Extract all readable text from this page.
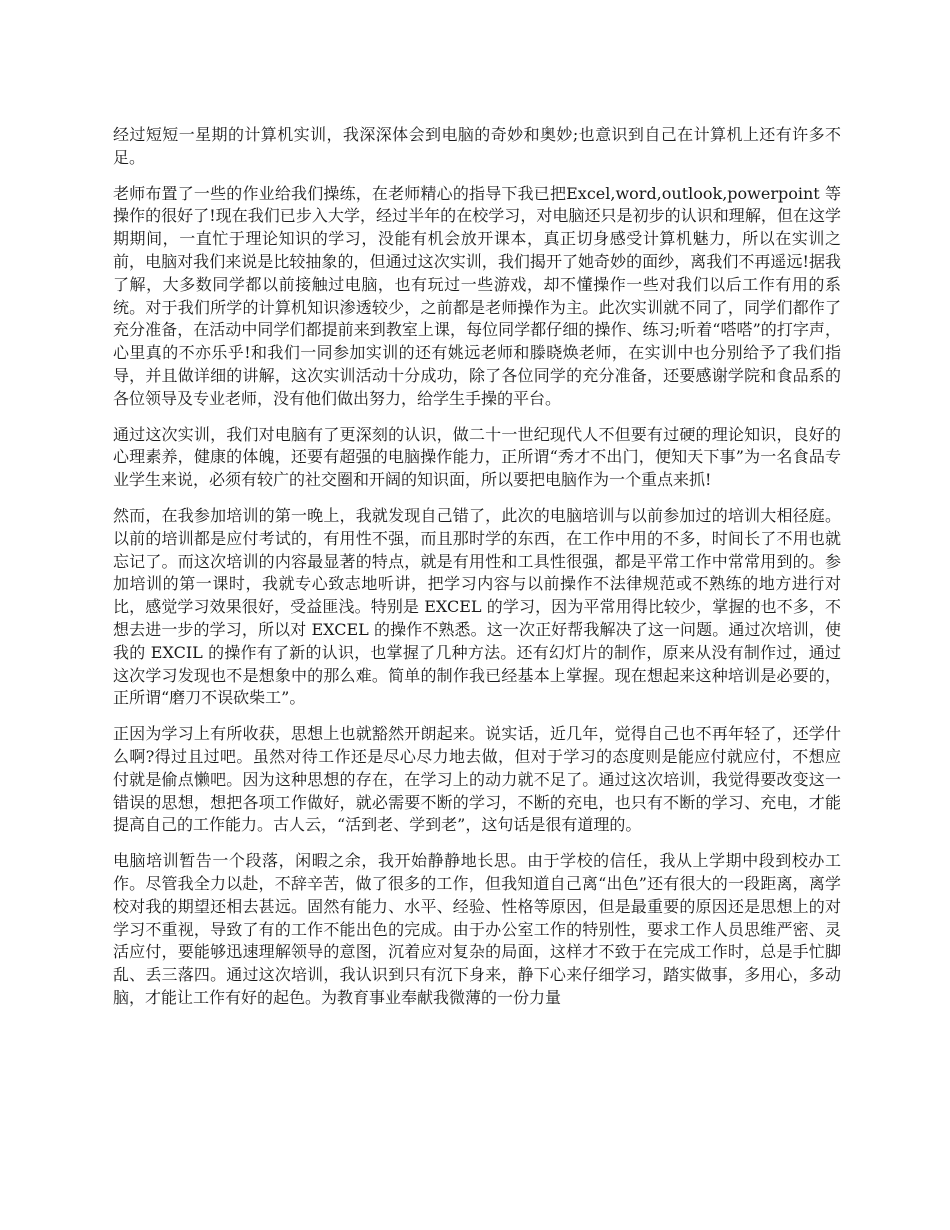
经过短短一星期的计算机实训，我深深体会到电脑的奇妙和奥妙;也意识到自己在计算机上还有许多不足。

老师布置了一些的作业给我们操练，在老师精心的指导下我已把Excel,word,outlook,powerpoint 等操作的很好了!现在我们已步入大学，经过半年的在校学习，对电脑还只是初步的认识和理解，但在这学期期间，一直忙于理论知识的学习，没能有机会放开课本，真正切身感受计算机魅力，所以在实训之前，电脑对我们来说是比较抽象的，但通过这次实训，我们揭开了她奇妙的面纱，离我们不再遥远!据我了解，大多数同学都以前接触过电脑，也有玩过一些游戏，却不懂操作一些对我们以后工作有用的系统。对于我们所学的计算机知识渗透较少，之前都是老师操作为主。此次实训就不同了，同学们都作了充分准备，在活动中同学们都提前来到教室上课，每位同学都仔细的操作、练习;听着“嗒嗒”的打字声，心里真的不亦乐乎!和我们一同参加实训的还有姚远老师和滕晓焕老师，在实训中也分别给予了我们指导，并且做详细的讲解，这次实训活动十分成功，除了各位同学的充分准备，还要感谢学院和食品系的各位领导及专业老师，没有他们做出努力，给学生手操的平台。

通过这次实训，我们对电脑有了更深刻的认识，做二十一世纪现代人不但要有过硬的理论知识，良好的心理素养，健康的体魄，还要有超强的电脑操作能力，正所谓“秀才不出门，便知天下事”为一名食品专业学生来说，必须有较广的社交圈和开阔的知识面，所以要把电脑作为一个重点来抓!

然而，在我参加培训的第一晚上，我就发现自己错了，此次的电脑培训与以前参加过的培训大相径庭。以前的培训都是应付考试的，有用性不强，而且那时学的东西，在工作中用的不多，时间长了不用也就忘记了。而这次培训的内容最显著的特点，就是有用性和工具性很强，都是平常工作中常常用到的。参加培训的第一课时，我就专心致志地听讲，把学习内容与以前操作不法律规范或不熟练的地方进行对比，感觉学习效果很好，受益匪浅。特别是 EXCEL 的学习，因为平常用得比较少，掌握的也不多，不想去进一步的学习，所以对 EXCEL 的操作不熟悉。这一次正好帮我解决了这一问题。通过次培训，使我的 EXCIL 的操作有了新的认识，也掌握了几种方法。还有幻灯片的制作，原来从没有制作过，通过这次学习发现也不是想象中的那么难。简单的制作我已经基本上掌握。现在想起来这种培训是必要的，正所谓“磨刀不误砍柴工”。

正因为学习上有所收获，思想上也就豁然开朗起来。说实话，近几年，觉得自己也不再年轻了，还学什么啊?得过且过吧。虽然对待工作还是尽心尽力地去做，但对于学习的态度则是能应付就应付，不想应付就是偷点懒吧。因为这种思想的存在，在学习上的动力就不足了。通过这次培训，我觉得要改变这一错误的思想，想把各项工作做好，就必需要不断的学习，不断的充电，也只有不断的学习、充电，才能提高自己的工作能力。古人云，“活到老、学到老”，这句话是很有道理的。

电脑培训暂告一个段落，闲暇之余，我开始静静地长思。由于学校的信任，我从上学期中段到校办工作。尽管我全力以赴，不辞辛苦，做了很多的工作，但我知道自己离“出色”还有很大的一段距离，离学校对我的期望还相去甚远。固然有能力、水平、经验、性格等原因，但是最重要的原因还是思想上的对学习不重视，导致了有的工作不能出色的完成。由于办公室工作的特别性，要求工作人员思维严密、灵活应付，要能够迅速理解领导的意图，沉着应对复杂的局面，这样才不致于在完成工作时，总是手忙脚乱、丢三落四。通过这次培训，我认识到只有沉下身来，静下心来仔细学习，踏实做事，多用心，多动脑，才能让工作有好的起色。为教育事业奉献我微薄的一份力量
